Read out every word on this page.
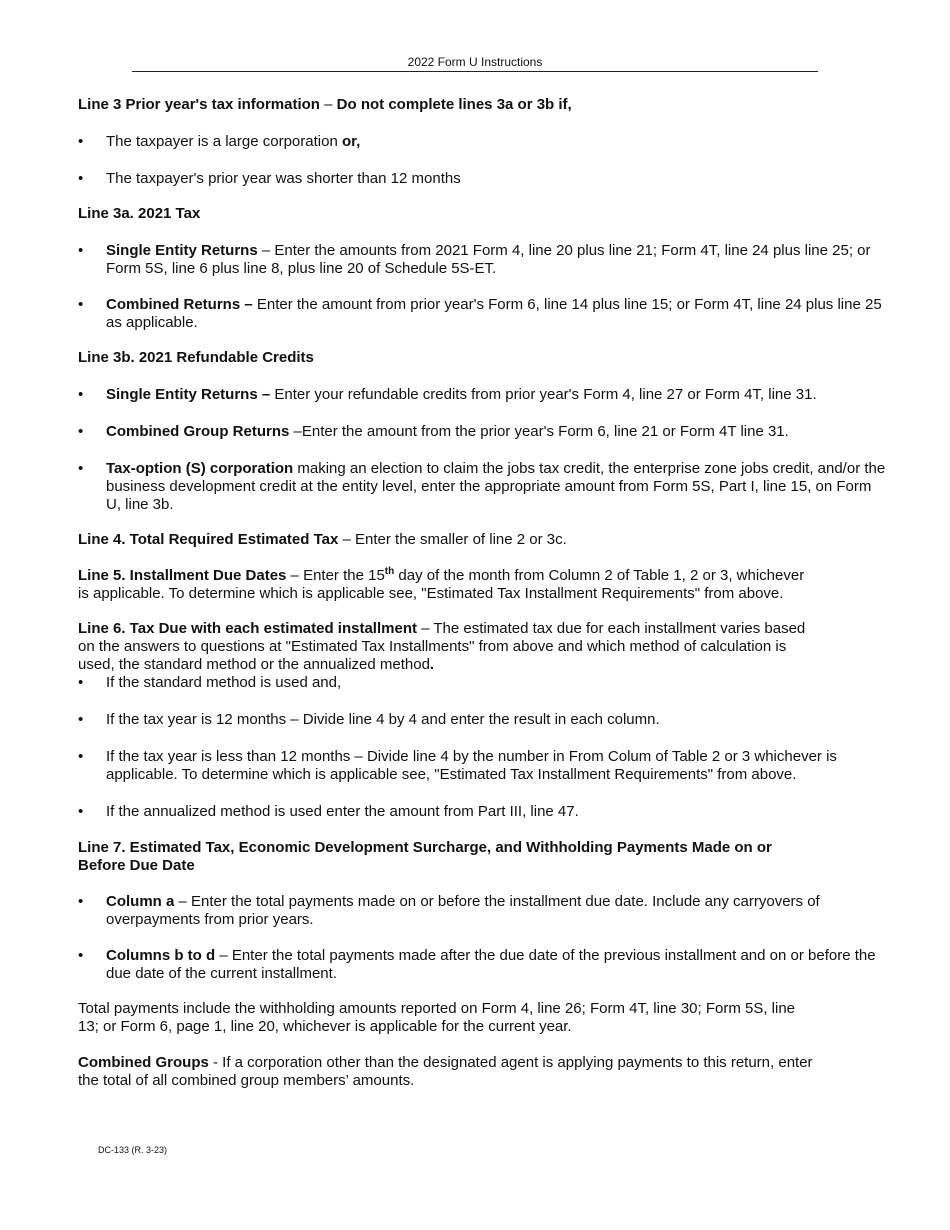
2022 Form U Instructions

Line 3 Prior year's tax information – Do not complete lines 3a or 3b if,

• The taxpayer is a large corporation or,
• The taxpayer's prior year was shorter than 12 months

Line 3a. 2021 Tax

• Single Entity Returns – Enter the amounts from 2021 Form 4, line 20 plus line 21; Form 4T, line 24 plus line 25; or Form 5S, line 6 plus line 8, plus line 20 of Schedule 5S-ET.
• Combined Returns – Enter the amount from prior year's Form 6, line 14 plus line 15; or Form 4T, line 24 plus line 25 as applicable.

Line 3b. 2021 Refundable Credits

• Single Entity Returns – Enter your refundable credits from prior year's Form 4, line 27 or Form 4T, line 31.
• Combined Group Returns –Enter the amount from the prior year's Form 6, line 21 or Form 4T line 31.
• Tax-option (S) corporation making an election to claim the jobs tax credit, the enterprise zone jobs credit, and/or the business development credit at the entity level, enter the appropriate amount from Form 5S, Part I, line 15, on Form U, line 3b.

Line 4. Total Required Estimated Tax – Enter the smaller of line 2 or 3c.

Line 5. Installment Due Dates – Enter the 15th day of the month from Column 2 of Table 1, 2 or 3, whichever is applicable. To determine which is applicable see, "Estimated Tax Installment Requirements" from above.

Line 6. Tax Due with each estimated installment – The estimated tax due for each installment varies based on the answers to questions at "Estimated Tax Installments" from above and which method of calculation is used, the standard method or the annualized method.

• If the standard method is used and,
• If the tax year is 12 months – Divide line 4 by 4 and enter the result in each column.
• If the tax year is less than 12 months – Divide line 4 by the number in From Colum of Table 2 or 3 whichever is applicable. To determine which is applicable see, "Estimated Tax Installment Requirements" from above.
• If the annualized method is used enter the amount from Part III, line 47.

Line 7. Estimated Tax, Economic Development Surcharge, and Withholding Payments Made on or Before Due Date

• Column a – Enter the total payments made on or before the installment due date. Include any carryovers of overpayments from prior years.
• Columns b to d – Enter the total payments made after the due date of the previous installment and on or before the due date of the current installment.

Total payments include the withholding amounts reported on Form 4, line 26; Form 4T, line 30; Form 5S, line 13; or Form 6, page 1, line 20, whichever is applicable for the current year.

Combined Groups - If a corporation other than the designated agent is applying payments to this return, enter the total of all combined group members’ amounts.

DC-133 (R. 3-23)
